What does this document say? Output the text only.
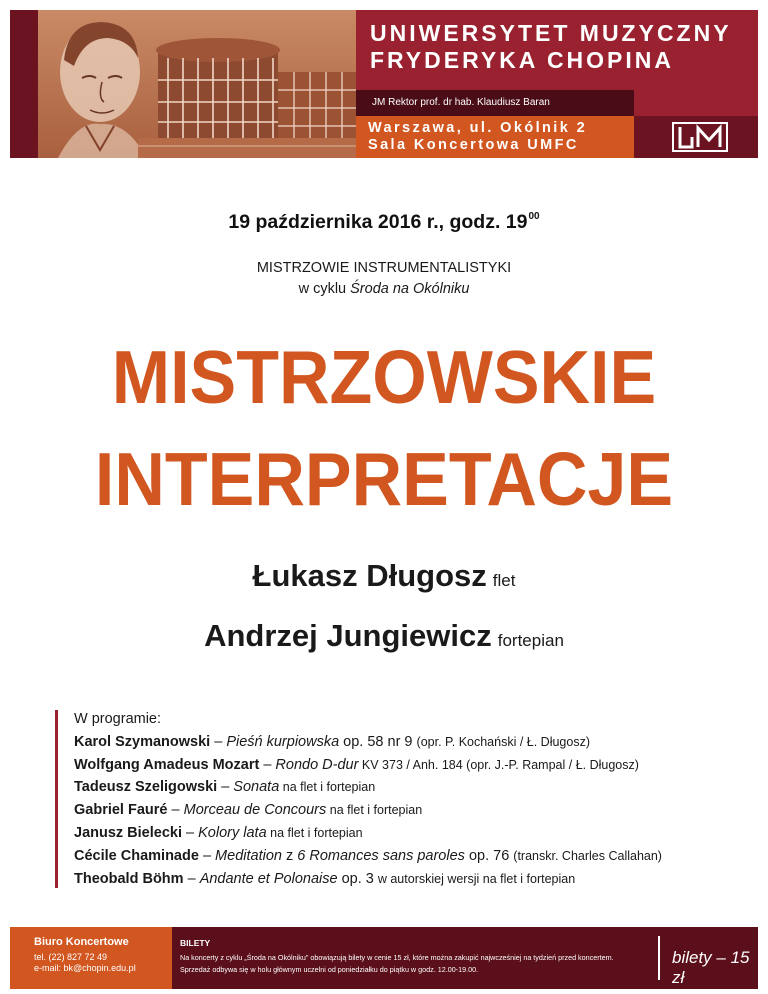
UNIWERSYTET MUZYCZNY
FRYDERYKA CHOPINA
JM Rektor prof. dr hab. Klaudiusz Baran
Warszawa, ul. Okólnik 2
Sala Koncertowa UMFC
19 października 2016 r., godz. $19^{00}$
MISTRZOWIE INSTRUMENTALISTYKI
w cyklu Środa na Okólniku
MISTRZOWSKIE
INTERPRETACJE
Łukasz Długosz flet
Andrzej Jungiewicz fortepian
W programie:
Karol Szymanowski – Pieśń kurpiowska op. 58 nr 9 (opr. P. Kochański / Ł. Długosz)
Wolfgang Amadeus Mozart – Rondo D-dur KV 373 / Anh. 184 (opr. J.-P. Rampal / Ł. Długosz)
Tadeusz Szeligowski – Sonata na flet i fortepian
Gabriel Fauré – Morceau de Concours na flet i fortepian
Janusz Bielecki – Kolory lata na flet i fortepian
Cécile Chaminade – Meditation z 6 Romances sans paroles op. 76 (transkr. Charles Callahan)
Theobald Böhm – Andante et Polonaise op. 3 w autorskiej wersji na flet i fortepian
Biuro Koncertowe
tel. (22) 827 72 49
e-mail: bk@chopin.edu.pl
BILETY
Na koncerty z cyklu „Środa na Okólniku" obowiązują bilety w cenie 15 zł, które można zakupić najwcześniej na tydzień przed koncertem.
Sprzedaż odbywa się w holu głównym uczelni od poniedziałku do piątku w godz. 12.00-19.00.
bilety – 15 zł
